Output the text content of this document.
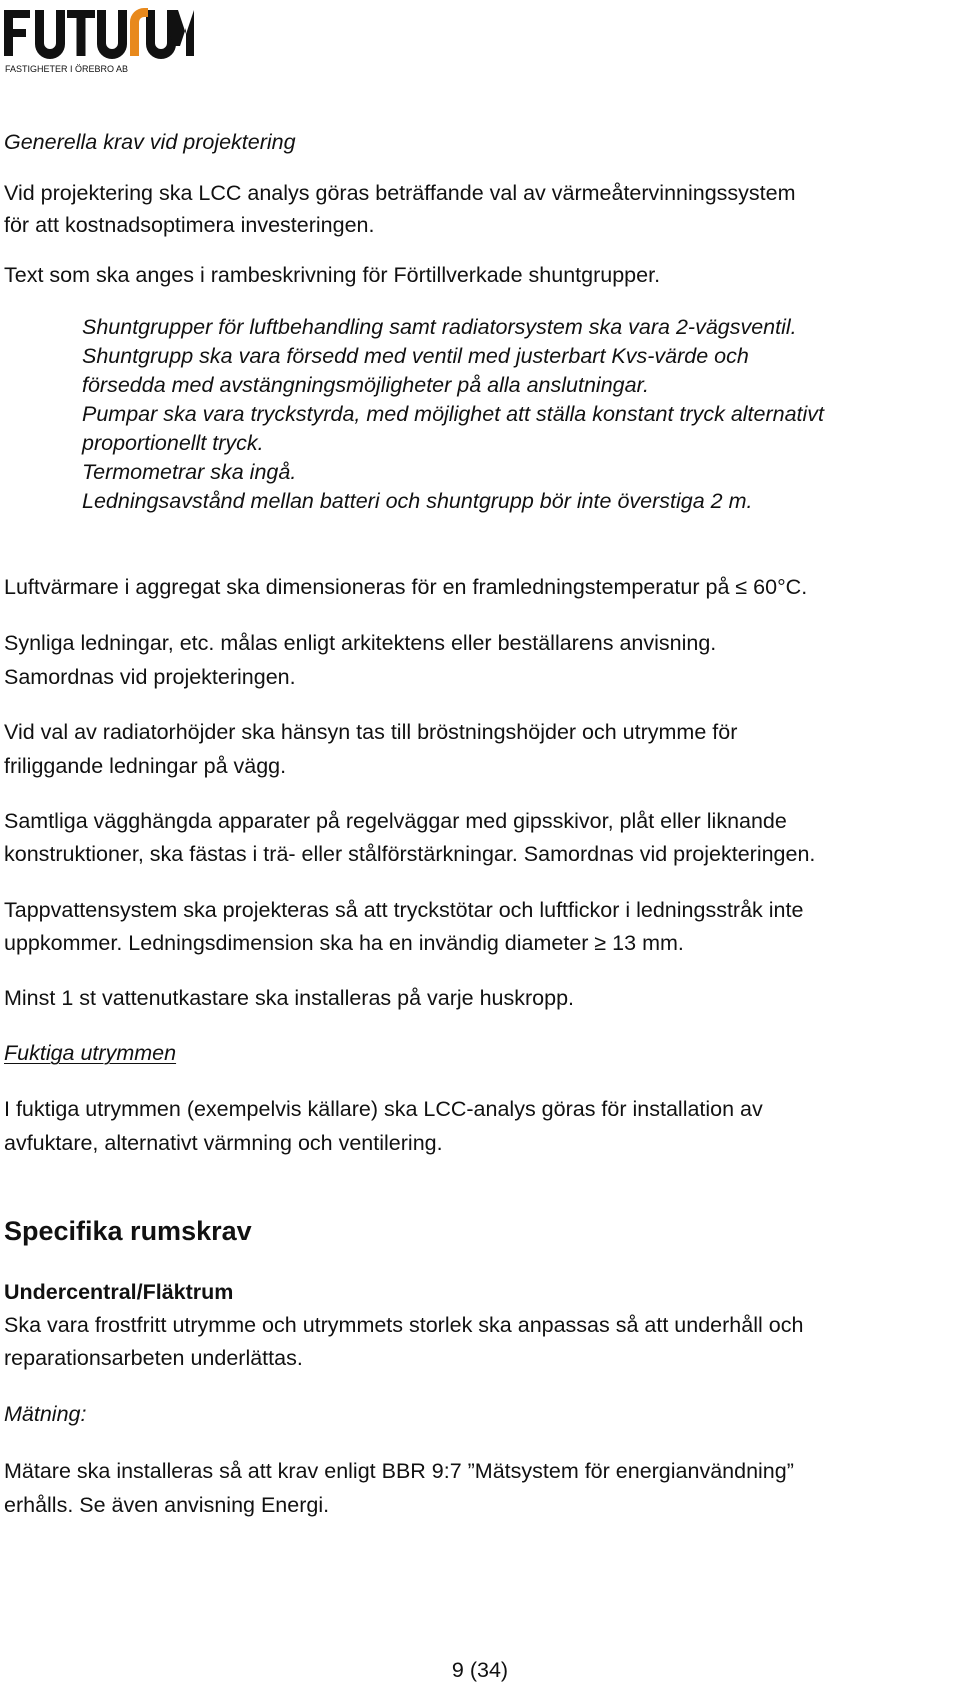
FASTIGHETER I ÖREBRO AB

Generella krav vid projektering

Vid projektering ska LCC analys göras beträffande val av värmeåtervinningssystem

för att kostnadsoptimera investeringen.

Text som ska anges i rambeskrivning för Förtillverkade shuntgrupper.

Shuntgrupper för luftbehandling samt radiatorsystem ska vara 2-vägsventil.

Shuntgrupp ska vara försedd med ventil med justerbart Kvs-värde och

försedda med avstängningsmöjligheter på alla anslutningar.

Pumpar ska vara tryckstyrda, med möjlighet att ställa konstant tryck alternativt

proportionellt tryck.

Termometrar ska ingå.

Ledningsavstånd mellan batteri och shuntgrupp bör inte överstiga 2 m.

Luftvärmare i aggregat ska dimensioneras för en framledningstemperatur på ≤ 60°C.

Synliga ledningar, etc. målas enligt arkitektens eller beställarens anvisning.

Samordnas vid projekteringen.

Vid val av radiatorhöjder ska hänsyn tas till bröstningshöjder och utrymme för

friliggande ledningar på vägg.

Samtliga vägghängda apparater på regelväggar med gipsskivor, plåt eller liknande

konstruktioner, ska fästas i trä- eller stålförstärkningar. Samordnas vid projekteringen.

Tappvattensystem ska projekteras så att tryckstötar och luftfickor i ledningsstråk inte

uppkommer. Ledningsdimension ska ha en invändig diameter ≥ 13 mm.

Minst 1 st vattenutkastare ska installeras på varje huskropp.

Fuktiga utrymmen

I fuktiga utrymmen (exempelvis källare) ska LCC-analys göras för installation av

avfuktare, alternativt värmning och ventilering.

Specifika rumskrav

Undercentral/Fläktrum

Ska vara frostfritt utrymme och utrymmets storlek ska anpassas så att underhåll och

reparationsarbeten underlättas.

Mätning:

Mätare ska installeras så att krav enligt BBR 9:7 ”Mätsystem för energianvändning”

erhålls. Se även anvisning Energi.

9 (34)
